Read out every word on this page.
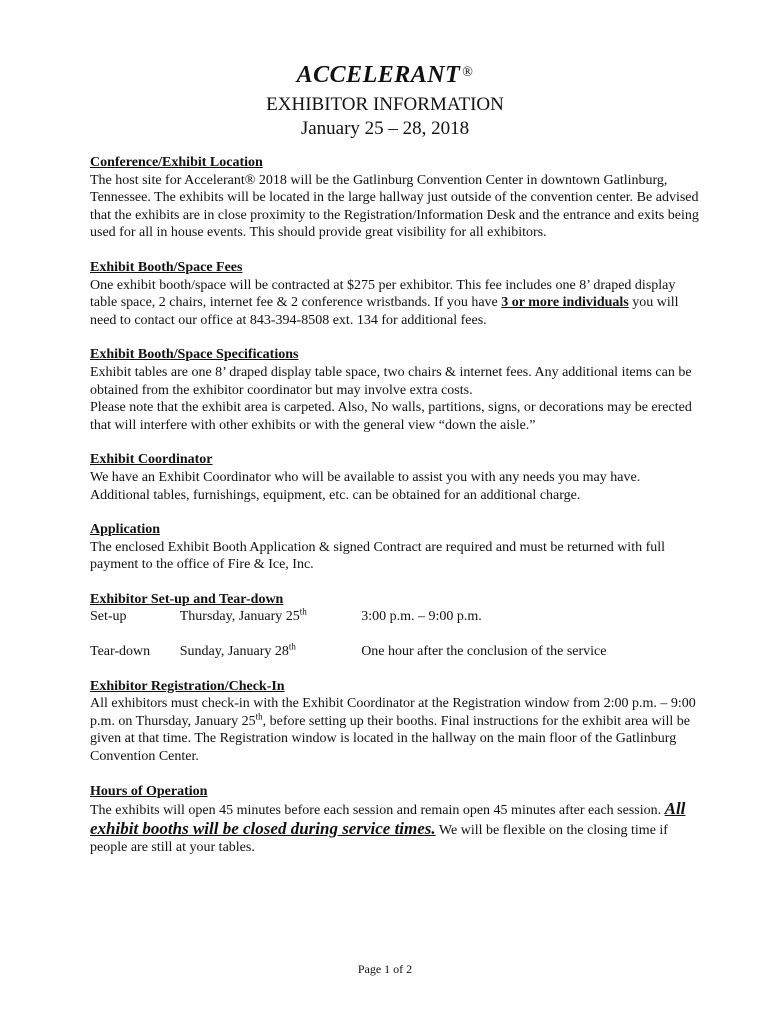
ACCELERANT ®
EXHIBITOR INFORMATION
January 25 – 28, 2018
Conference/Exhibit Location
The host site for Accelerant® 2018 will be the Gatlinburg Convention Center in downtown Gatlinburg, Tennessee. The exhibits will be located in the large hallway just outside of the convention center. Be advised that the exhibits are in close proximity to the Registration/Information Desk and the entrance and exits being used for all in house events. This should provide great visibility for all exhibitors.
Exhibit Booth/Space Fees
One exhibit booth/space will be contracted at $275 per exhibitor. This fee includes one 8’ draped display table space, 2 chairs, internet fee & 2 conference wristbands. If you have 3 or more individuals you will need to contact our office at 843-394-8508 ext. 134 for additional fees.
Exhibit Booth/Space Specifications
Exhibit tables are one 8’ draped display table space, two chairs & internet fees. Any additional items can be obtained from the exhibitor coordinator but may involve extra costs.
Please note that the exhibit area is carpeted. Also, No walls, partitions, signs, or decorations may be erected that will interfere with other exhibits or with the general view “down the aisle.”
Exhibit Coordinator
We have an Exhibit Coordinator who will be available to assist you with any needs you may have. Additional tables, furnishings, equipment, etc. can be obtained for an additional charge.
Application
The enclosed Exhibit Booth Application & signed Contract are required and must be returned with full payment to the office of Fire & Ice, Inc.
Exhibitor Set-up and Tear-down
Set-up	Thursday, January 25th	3:00 p.m. – 9:00 p.m.

Tear-down	Sunday, January 28th	One hour after the conclusion of the service
Exhibitor Registration/Check-In
All exhibitors must check-in with the Exhibit Coordinator at the Registration window from 2:00 p.m. – 9:00 p.m. on Thursday, January 25th, before setting up their booths. Final instructions for the exhibit area will be given at that time. The Registration window is located in the hallway on the main floor of the Gatlinburg Convention Center.
Hours of Operation
The exhibits will open 45 minutes before each session and remain open 45 minutes after each session. All exhibit booths will be closed during service times. We will be flexible on the closing time if people are still at your tables.
Page 1 of 2
